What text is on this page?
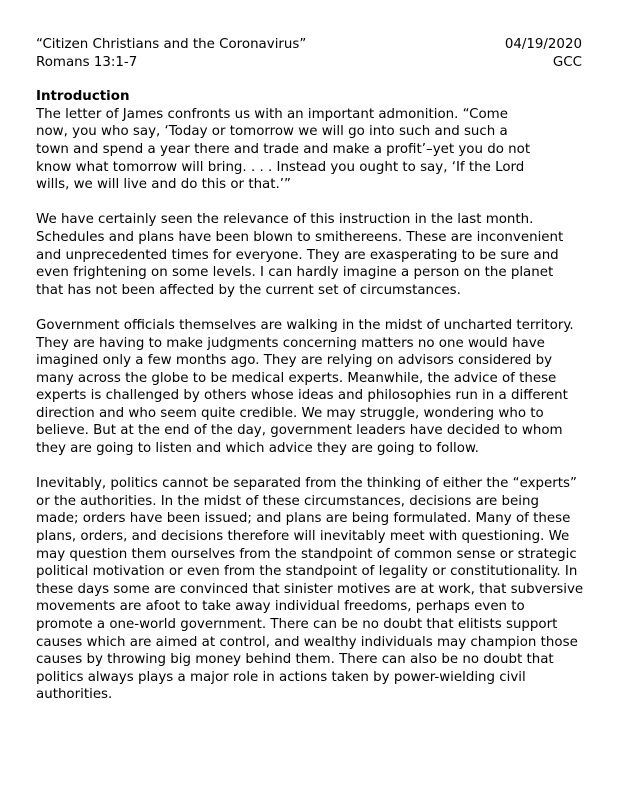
“Citizen Christians and the Coronavirus”	04/19/2020
Romans 13:1-7	GCC

Introduction

The letter of James confronts us with an important admonition. “Come
now, you who say, ‘Today or tomorrow we will go into such and such a
town and spend a year there and trade and make a profit’–yet you do not
know what tomorrow will bring. . . . Instead you ought to say, ‘If the Lord
wills, we will live and do this or that.’”

We have certainly seen the relevance of this instruction in the last month.
Schedules and plans have been blown to smithereens. These are inconvenient
and unprecedented times for everyone. They are exasperating to be sure and
even frightening on some levels. I can hardly imagine a person on the planet
that has not been affected by the current set of circumstances.

Government officials themselves are walking in the midst of uncharted territory.
They are having to make judgments concerning matters no one would have
imagined only a few months ago. They are relying on advisors considered by
many across the globe to be medical experts. Meanwhile, the advice of these
experts is challenged by others whose ideas and philosophies run in a different
direction and who seem quite credible. We may struggle, wondering who to
believe. But at the end of the day, government leaders have decided to whom
they are going to listen and which advice they are going to follow.

Inevitably, politics cannot be separated from the thinking of either the “experts”
or the authorities. In the midst of these circumstances, decisions are being
made; orders have been issued; and plans are being formulated. Many of these
plans, orders, and decisions therefore will inevitably meet with questioning. We
may question them ourselves from the standpoint of common sense or strategic
political motivation or even from the standpoint of legality or constitutionality. In
these days some are convinced that sinister motives are at work, that subversive
movements are afoot to take away individual freedoms, perhaps even to
promote a one-world government. There can be no doubt that elitists support
causes which are aimed at control, and wealthy individuals may champion those
causes by throwing big money behind them. There can also be no doubt that
politics always plays a major role in actions taken by power-wielding civil
authorities.
